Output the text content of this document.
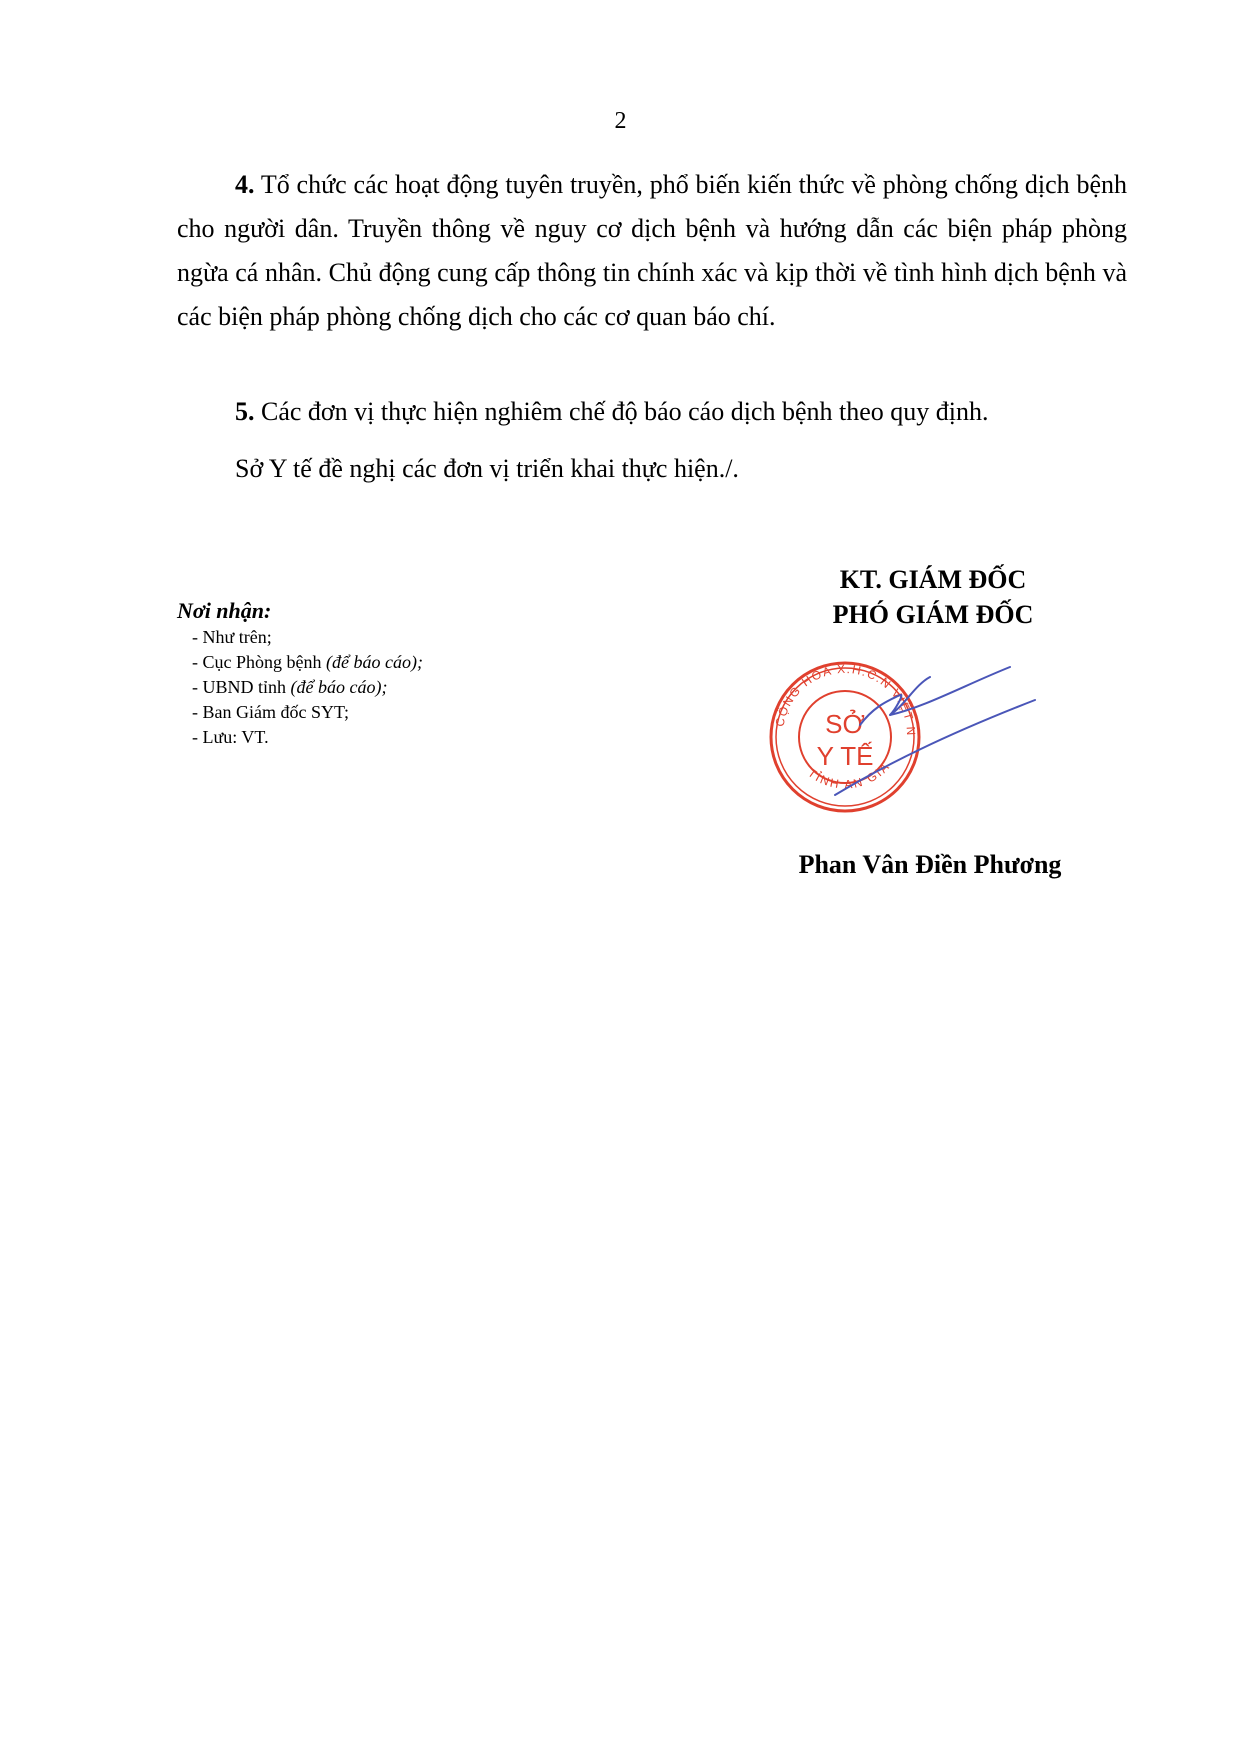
2

4. Tổ chức các hoạt động tuyên truyền, phổ biến kiến thức về phòng chống dịch bệnh cho người dân. Truyền thông về nguy cơ dịch bệnh và hướng dẫn các biện pháp phòng ngừa cá nhân. Chủ động cung cấp thông tin chính xác và kịp thời về tình hình dịch bệnh và các biện pháp phòng chống dịch cho các cơ quan báo chí.

5. Các đơn vị thực hiện nghiêm chế độ báo cáo dịch bệnh theo quy định.

Sở Y tế đề nghị các đơn vị triển khai thực hiện./.

Nơi nhận:
- Như trên;
- Cục Phòng bệnh (để báo cáo);
- UBND tỉnh (để báo cáo);
- Ban Giám đốc SYT;
- Lưu: VT.
KT. GIÁM ĐỐC
PHÓ GIÁM ĐỐC
CỘNG HÒA X.H.C.N VIỆT N
TỈNH AN GIA
SỞ
Y TẾ
Phan Vân Điền Phương
